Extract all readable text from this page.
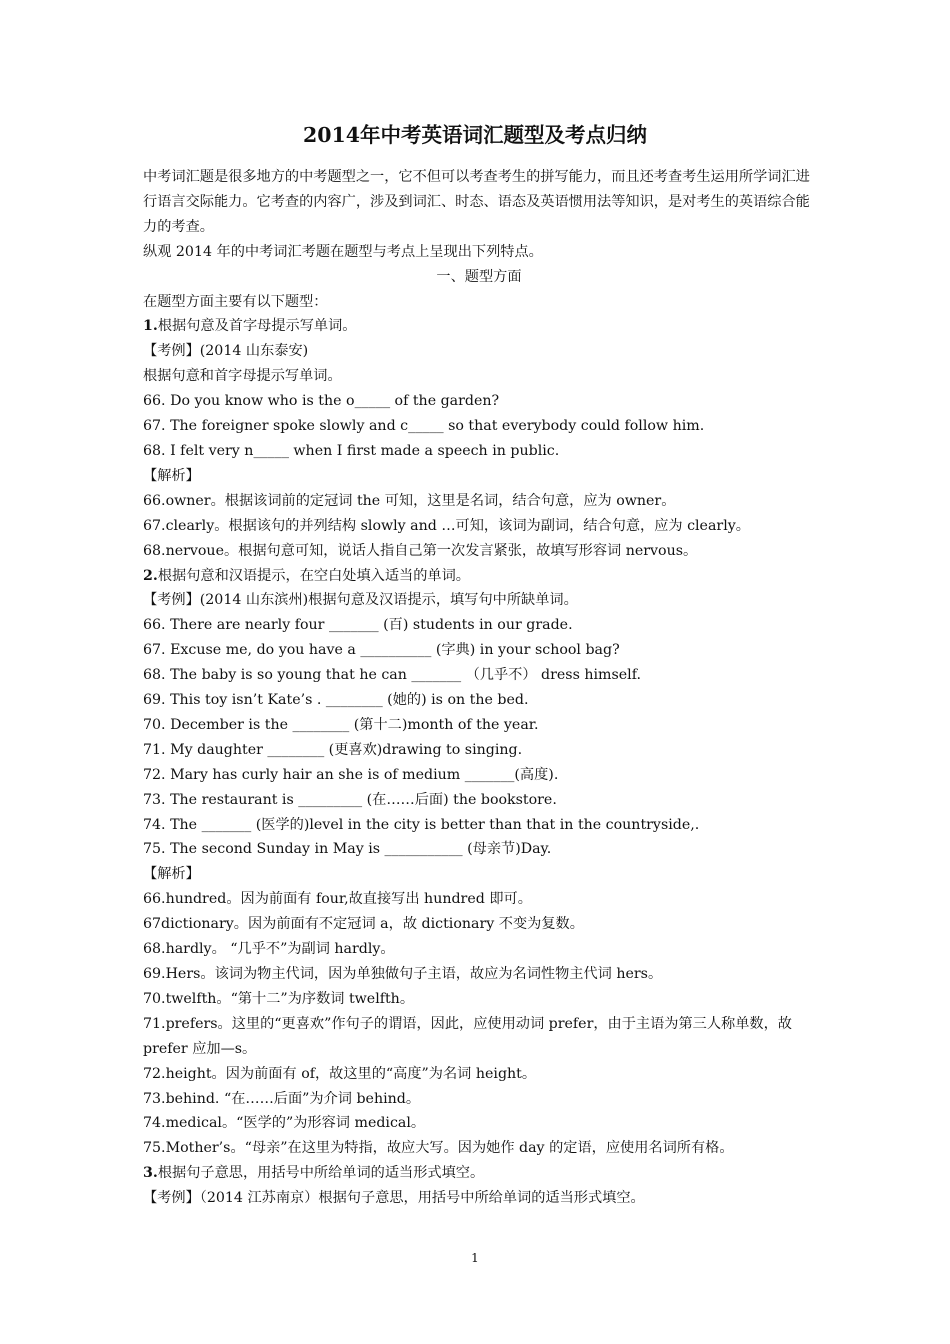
2014年中考英语词汇题型及考点归纳

中考词汇题是很多地方的中考题型之一，它不但可以考查考生的拼写能力，而且还考查考生运用所学词汇进行语言交际能力。它考查的内容广，涉及到词汇、时态、语态及英语惯用法等知识，是对考生的英语综合能力的考查。

纵观 2014 年的中考词汇考题在题型与考点上呈现出下列特点。

一、题型方面

在题型方面主要有以下题型：

1.根据句意及首字母提示写单词。

【考例】(2014 山东泰安)

根据句意和首字母提示写单词。

66. Do you know who is the o_____ of the garden?

67. The foreigner spoke slowly and c_____ so that everybody could follow him.

68. I felt very n_____ when I first made a speech in public.

【解析】

66.owner。根据该词前的定冠词 the 可知，这里是名词，结合句意，应为 owner。

67.clearly。根据该句的并列结构 slowly and …可知，该词为副词，结合句意，应为 clearly。

68.nervoue。根据句意可知，说话人指自己第一次发言紧张，故填写形容词 nervous。

2.根据句意和汉语提示，在空白处填入适当的单词。

【考例】(2014 山东滨州)根据句意及汉语提示，填写句中所缺单词。

66. There are nearly four _______ (百) students in our grade.

67. Excuse me, do you have a __________ (字典) in your school bag?

68. The baby is so young that he can _______ （几乎不） dress himself.

69. This toy isn’t Kate’s . ________ (她的) is on the bed.

70. December is the ________ (第十二)month of the year.

71. My daughter ________ (更喜欢)drawing to singing.

72. Mary has curly hair an she is of medium _______(高度).

73. The restaurant is _________ (在……后面) the bookstore.

74. The _______ (医学的)level in the city is better than that in the countryside,.

75. The second Sunday in May is ___________ (母亲节)Day.

【解析】

66.hundred。因为前面有 four,故直接写出 hundred 即可。

67dictionary。因为前面有不定冠词 a，故 dictionary 不变为复数。

68.hardly。 “几乎不”为副词 hardly。

69.Hers。该词为物主代词，因为单独做句子主语，故应为名词性物主代词 hers。

70.twelfth。“第十二”为序数词 twelfth。

71.prefers。这里的“更喜欢”作句子的谓语，因此，应使用动词 prefer，由于主语为第三人称单数，故 prefer 应加—s。

72.height。因为前面有 of，故这里的“高度”为名词 height。

73.behind. “在……后面”为介词 behind。

74.medical。“医学的”为形容词 medical。

75.Mother’s。“母亲”在这里为特指，故应大写。因为她作 day 的定语，应使用名词所有格。

3.根据句子意思，用括号中所给单词的适当形式填空。

【考例】（2014 江苏南京）根据句子意思，用括号中所给单词的适当形式填空。

1
